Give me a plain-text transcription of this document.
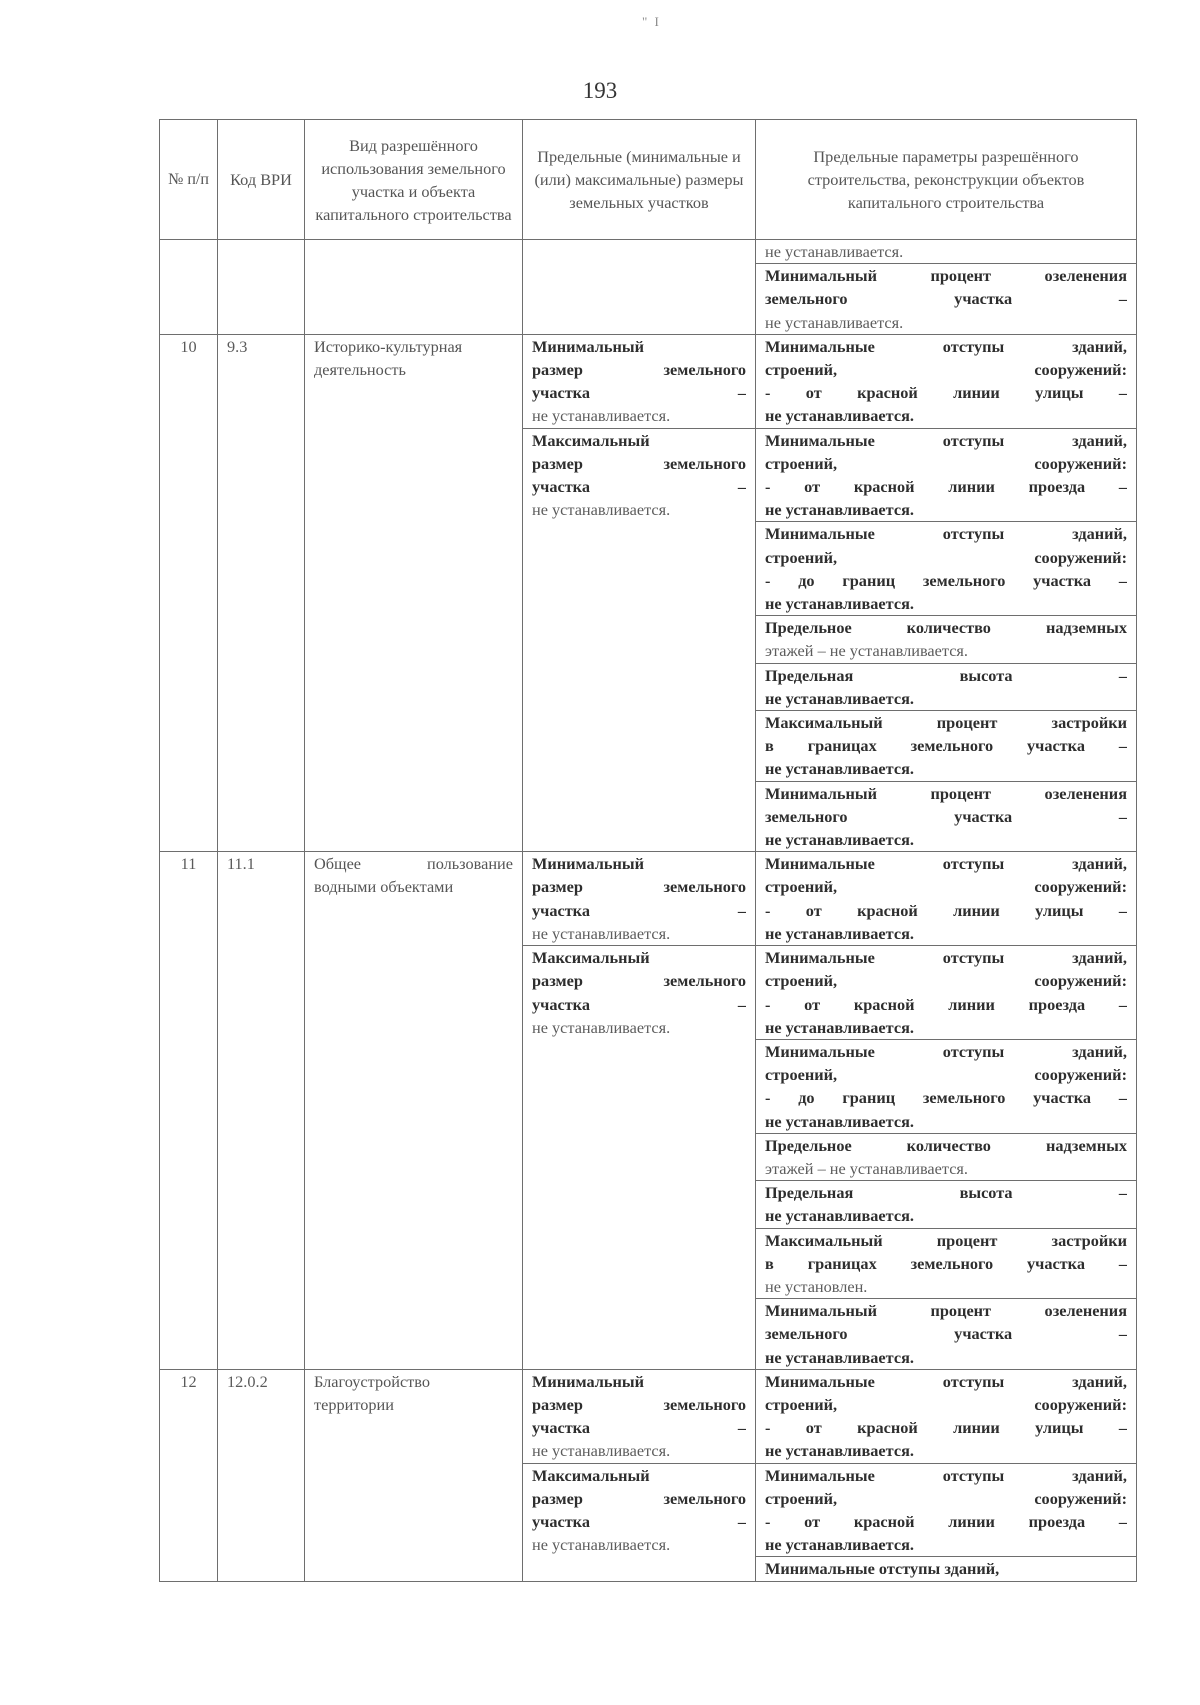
" I
193
№ п/п	Код ВРИ	Вид разрешённого использования земельного участка и объекта капитального строительства	Предельные (минимальные и (или) максимальные) размеры земельных участков	Предельные параметры разрешённого строительства, реконструкции объектов капитального строительства

				не устанавливается.

				Минимальный процент озеленения
земельного участка –
не устанавливается.

10	9.3	Историко-культурная деятельность	Минимальный
размер земельного
участка –
не устанавливается.	Минимальные отступы зданий,
строений, сооружений:
- от красной линии улицы –
не устанавливается.

			Максимальный
размер земельного
участка –
не устанавливается.	Минимальные отступы зданий,
строений, сооружений:
- от красной линии проезда –
не устанавливается.

				Минимальные отступы зданий,
строений, сооружений:
- до границ земельного участка –
не устанавливается.

				Предельное количество надземных
этажей – не устанавливается.

				Предельная высота –
не устанавливается.

				Максимальный процент застройки
в границах земельного участка –
не устанавливается.

				Минимальный процент озеленения
земельного участка –
не устанавливается.

11	11.1	Общее пользование водными объектами	Минимальный
размер земельного
участка –
не устанавливается.	Минимальные отступы зданий,
строений, сооружений:
- от красной линии улицы –
не устанавливается.

			Максимальный
размер земельного
участка –
не устанавливается.	Минимальные отступы зданий,
строений, сооружений:
- от красной линии проезда –
не устанавливается.

				Минимальные отступы зданий,
строений, сооружений:
- до границ земельного участка –
не устанавливается.

				Предельное количество надземных
этажей – не устанавливается.

				Предельная высота –
не устанавливается.

				Максимальный процент застройки
в границах земельного участка –
не установлен.

				Минимальный процент озеленения
земельного участка –
не устанавливается.

12	12.0.2	Благоустройство территории	Минимальный
размер земельного
участка –
не устанавливается.	Минимальные отступы зданий,
строений, сооружений:
- от красной линии улицы –
не устанавливается.

			Максимальный
размер земельного
участка –
не устанавливается.	Минимальные отступы зданий,
строений, сооружений:
- от красной линии проезда –
не устанавливается.

				Минимальные отступы зданий,
